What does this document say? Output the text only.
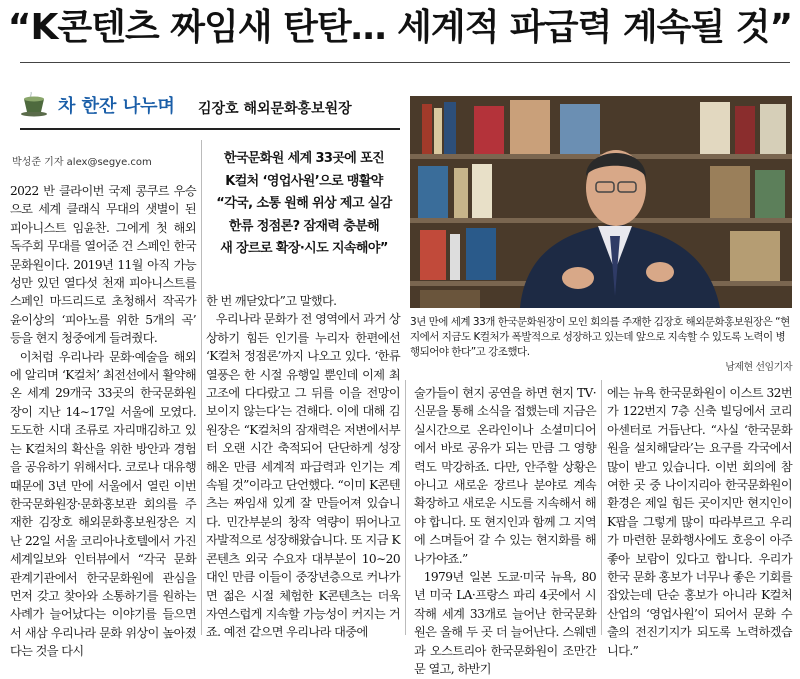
“K콘텐츠 짜임새 탄탄… 세계적 파급력 계속될 것”
차 한잔 나누며 김장호 해외문화홍보원장
박성준 기자 alex@segye.com

2022 반 클라이번 국제 콩쿠르 우승으로 세계 클래식 무대의 샛별이 된 피아니스트 임윤찬. 그에게 첫 해외 독주회 무대를 열어준 건 스페인 한국문화원이다. 2019년 11월 아직 가능성만 있던 열다섯 천재 피아니스트를 스페인 마드리드로 초청해서 작곡가 윤이상의 ‘피아노를 위한 5개의 곡’ 등을 현지 청중에게 들려줬다.

이처럼 우리나라 문화·예술을 해외에 알리며 ‘K컬처’ 최전선에서 활약해 온 세계 29개국 33곳의 한국문화원장이 지난 14∼17일 서울에 모였다. 도도한 시대 조류로 자리매김하고 있는 K컬처의 확산을 위한 방안과 경험을 공유하기 위해서다. 코로나 대유행 때문에 3년 만에 서울에서 열린 이번 한국문화원장·문화홍보관 회의를 주재한 김장호 해외문화홍보원장은 지난 22일 서울 코리아나호텔에서 가진 세계일보와 인터뷰에서 “각국 문화 관계기관에서 한국문화원에 관심을 먼저 갖고 찾아와 소통하기를 원하는 사례가 늘어났다는 이야기를 들으면서 새삼 우리나라 문화 위상이 높아졌다는 것을 다시

한국문화원 세계 33곳에 포진
K컬처 ‘영업사원’으로 맹활약
“각국, 소통 원해 위상 제고 실감
한류 정점론? 잠재력 충분해
새 장르로 확장·시도 지속해야”

한 번 깨닫았다”고 말했다.

우리나라 문화가 전 영역에서 과거 상상하기 힘든 인기를 누리자 한편에선 ‘K컬처 정점론’까지 나오고 있다. ‘한류 열풍은 한 시절 유행일 뿐인데 이제 최고조에 다다랐고 그 뒤를 이을 전망이 보이지 않는다’는 견해다. 이에 대해 김 원장은 “K컬처의 잠재력은 저변에서부터 오랜 시간 축적되어 단단하게 성장해온 만큼 세계적 파급력과 인기는 계속될 것”이라고 단언했다. “이미 K콘텐츠는 짜임새 있게 잘 만들어져 있습니다. 민간부분의 창작 역량이 뛰어나고 자발적으로 성장해왔습니다. 또 지금 K콘텐츠 외국 수요자 대부분이 10∼20대인 만큼 이들이 중장년층으로 커나가면 젊은 시절 체험한 K콘텐츠는 더욱 자연스럽게 지속할 가능성이 커지는 거죠. 예전 같으면 우리나라 대중에

3년 만에 세계 33개 한국문화원장이 모인 회의를 주재한 김장호 해외문화홍보원장은 “현지에서 지금도 K컬처가 폭발적으로 성장하고 있는데 앞으로 지속할 수 있도록 노력이 병행되어야 한다”고 강조했다.
남제현 선임기자

술가들이 현지 공연을 하면 현지 TV·신문을 통해 소식을 접했는데 지금은 실시간으로 온라인이나 소셜미디어에서 바로 공유가 되는 만큼 그 영향력도 막강하죠. 다만, 안주할 상황은 아니고 새로운 장르나 분야로 계속 확장하고 새로운 시도를 지속해서 해야 합니다. 또 현지인과 함께 그 지역에 스며들어 갈 수 있는 현지화를 해나가야죠.”

1979년 일본 도쿄·미국 뉴욕, 80년 미국 LA·프랑스 파리 4곳에서 시작해 세계 33개로 늘어난 한국문화원은 올해 두 곳 더 늘어난다. 스웨덴과 오스트리아 한국문화원이 조만간 문 열고, 하반기

에는 뉴욕 한국문화원이 이스트 32번가 122번지 7층 신축 빌딩에서 코리아센터로 거듭난다. “사실 ‘한국문화원을 설치해달라’는 요구를 각국에서 많이 받고 있습니다. 이번 회의에 참여한 곳 중 나이지리아 한국문화원이 환경은 제일 힘든 곳이지만 현지인이 K팝을 그렇게 많이 따라부르고 우리가 마련한 문화행사에도 호응이 아주 좋아 보람이 있다고 합니다. 우리가 한국 문화 홍보가 너무나 좋은 기회를 잡았는데 단순 홍보가 아니라 K컬처산업의 ‘영업사원’이 되어서 문화 수출의 전진기지가 되도록 노력하겠습니다.”
